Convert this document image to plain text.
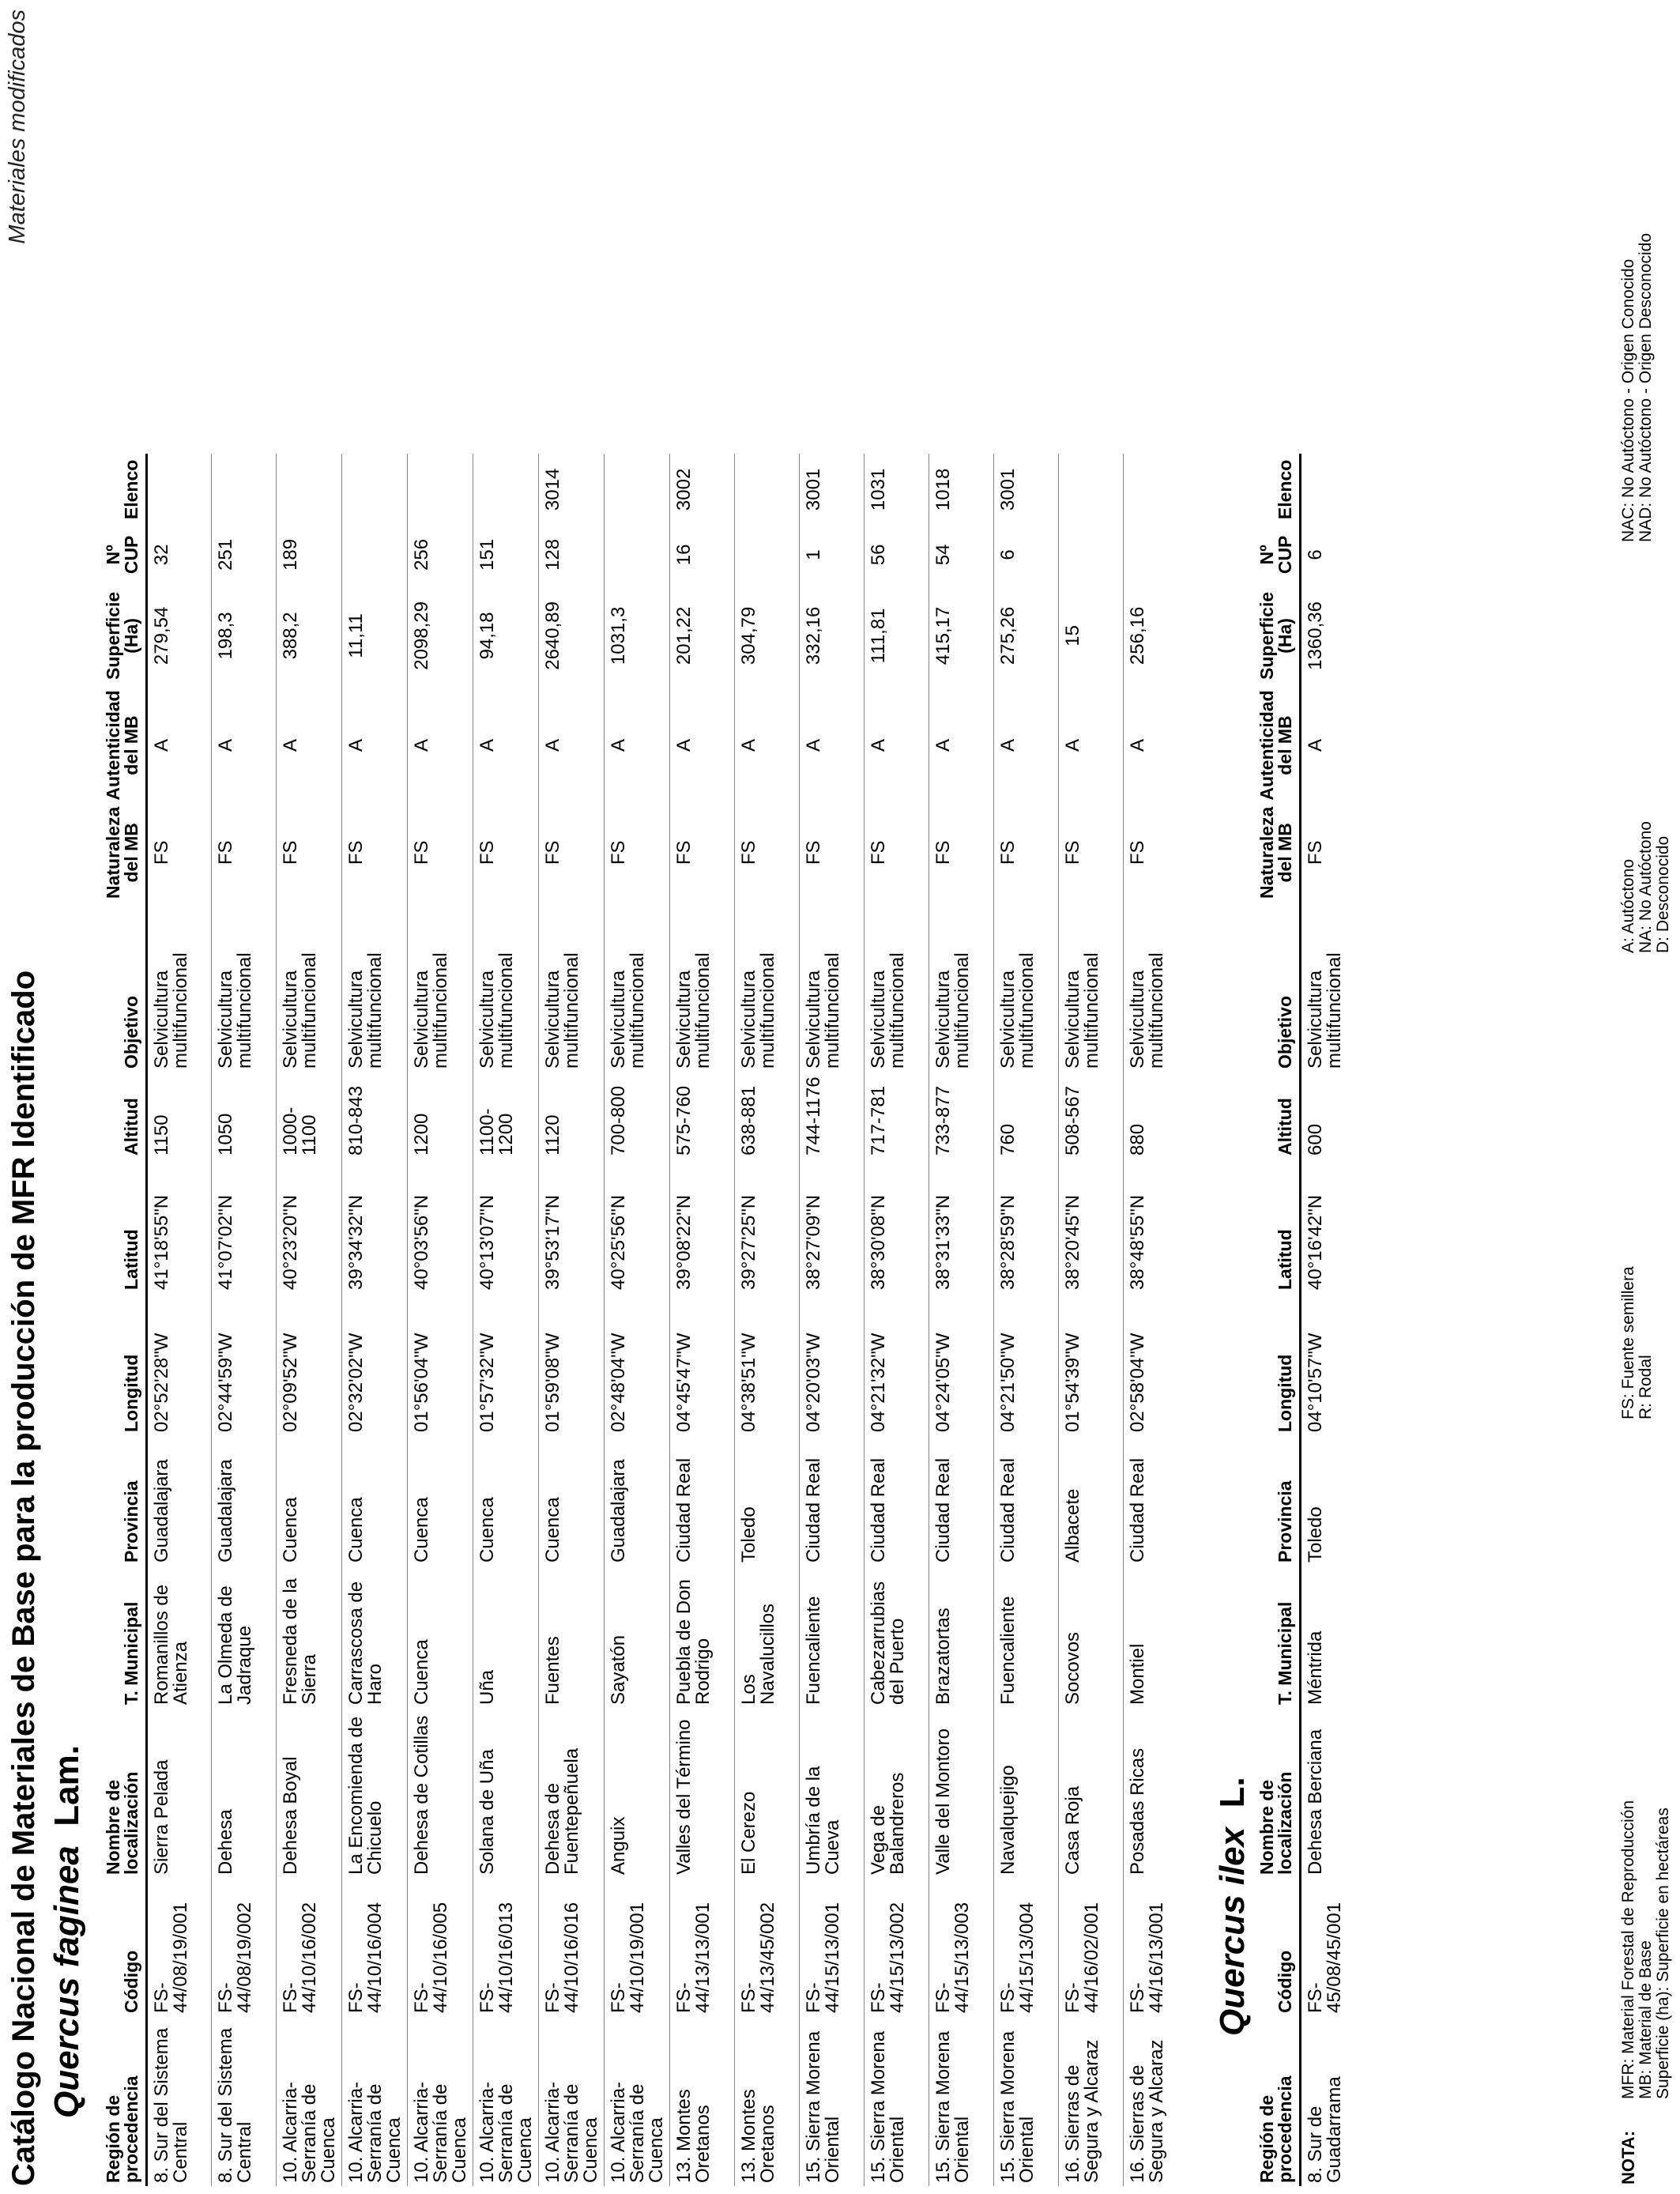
Catálogo Nacional de Materiales de Base para la producción de MFR Identificado
Materiales modificados
Quercus faginea  Lam.
Región de procedencia	Código	Nombre de localización	T. Municipal	Provincia	Longitud	Latitud	Altitud	Objetivo	Naturaleza del MB	Autenticidad del MB	Superficie (Ha)	Nº CUP	Elenco
8. Sur del Sistema Central	FS-44/08/19/001	Sierra Pelada	Romanillos de Atienza	Guadalajara	02°52'28"W	41°18'55"N	1150	Selvicultura multifuncional	FS	A	279,54	32	
8. Sur del Sistema Central	FS-44/08/19/002	Dehesa	La Olmeda de Jadraque	Guadalajara	02°44'59"W	41°07'02"N	1050	Selvicultura multifuncional	FS	A	198,3	251	
10. Alcarria-Serranía de Cuenca	FS-44/10/16/002	Dehesa Boyal	Fresneda de la Sierra	Cuenca	02°09'52"W	40°23'20"N	1000-1100	Selvicultura multifuncional	FS	A	388,2	189	
10. Alcarria-Serranía de Cuenca	FS-44/10/16/004	La Encomienda de Chicuelo	Carrascosa de Haro	Cuenca	02°32'02"W	39°34'32"N	810-843	Selvicultura multifuncional	FS	A	11,11		
10. Alcarria-Serranía de Cuenca	FS-44/10/16/005	Dehesa de Cotillas	Cuenca	Cuenca	01°56'04"W	40°03'56"N	1200	Selvicultura multifuncional	FS	A	2098,29	256	
10. Alcarria-Serranía de Cuenca	FS-44/10/16/013	Solana de Uña	Uña	Cuenca	01°57'32"W	40°13'07"N	1100-1200	Selvicultura multifuncional	FS	A	94,18	151	
10. Alcarria-Serranía de Cuenca	FS-44/10/16/016	Dehesa de Fuentepeñuela	Fuentes	Cuenca	01°59'08"W	39°53'17"N	1120	Selvicultura multifuncional	FS	A	2640,89	128	3014
10. Alcarria-Serranía de Cuenca	FS-44/10/19/001	Anguix	Sayatón	Guadalajara	02°48'04"W	40°25'56"N	700-800	Selvicultura multifuncional	FS	A	1031,3		
13. Montes Oretanos	FS-44/13/13/001	Valles del Término	Puebla de Don Rodrigo	Ciudad Real	04°45'47"W	39°08'22"N	575-760	Selvicultura multifuncional	FS	A	201,22	16	3002
13. Montes Oretanos	FS-44/13/45/002	El Cerezo	Los Navalucillos	Toledo	04°38'51"W	39°27'25"N	638-881	Selvicultura multifuncional	FS	A	304,79		
15. Sierra Morena Oriental	FS-44/15/13/001	Umbría de la Cueva	Fuencaliente	Ciudad Real	04°20'03"W	38°27'09"N	744-1176	Selvicultura multifuncional	FS	A	332,16	1	3001
15. Sierra Morena Oriental	FS-44/15/13/002	Vega de Balandreros	Cabezarrubias del Puerto	Ciudad Real	04°21'32"W	38°30'08"N	717-781	Selvicultura multifuncional	FS	A	111,81	56	1031
15. Sierra Morena Oriental	FS-44/15/13/003	Valle del Montoro	Brazatortas	Ciudad Real	04°24'05"W	38°31'33"N	733-877	Selvicultura multifuncional	FS	A	415,17	54	1018
15. Sierra Morena Oriental	FS-44/15/13/004	Navalquejigo	Fuencaliente	Ciudad Real	04°21'50"W	38°28'59"N	760	Selvicultura multifuncional	FS	A	275,26	6	3001
16. Sierras de Segura y Alcaraz	FS-44/16/02/001	Casa Roja	Socovos	Albacete	01°54'39"W	38°20'45"N	508-567	Selvicultura multifuncional	FS	A	15		
16. Sierras de Segura y Alcaraz	FS-44/16/13/001	Posadas Ricas	Montiel	Ciudad Real	02°58'04"W	38°48'55"N	880	Selvicultura multifuncional	FS	A	256,16		
Quercus ilex  L.
Región de procedencia	Código	Nombre de localización	T. Municipal	Provincia	Longitud	Latitud	Altitud	Objetivo	Naturaleza del MB	Autenticidad del MB	Superficie (Ha)	Nº CUP	Elenco
8. Sur de Guadarrama	FS-45/08/45/001	Dehesa Berciana	Méntrida	Toledo	04°10'57"W	40°16'42"N	600	Selvicultura multifuncional	FS	A	1360,36	6	
NOTA:
MFR: Material Forestal de Reproducción MB: Material de Base Superficie (ha): Superficie en hectáreas
FS: Fuente semillera R: Rodal
A: Autóctono NA: No Autóctono D: Desconocido
NAC: No Autóctono - Origen Conocido NAD: No Autóctono - Origen Desconocido
